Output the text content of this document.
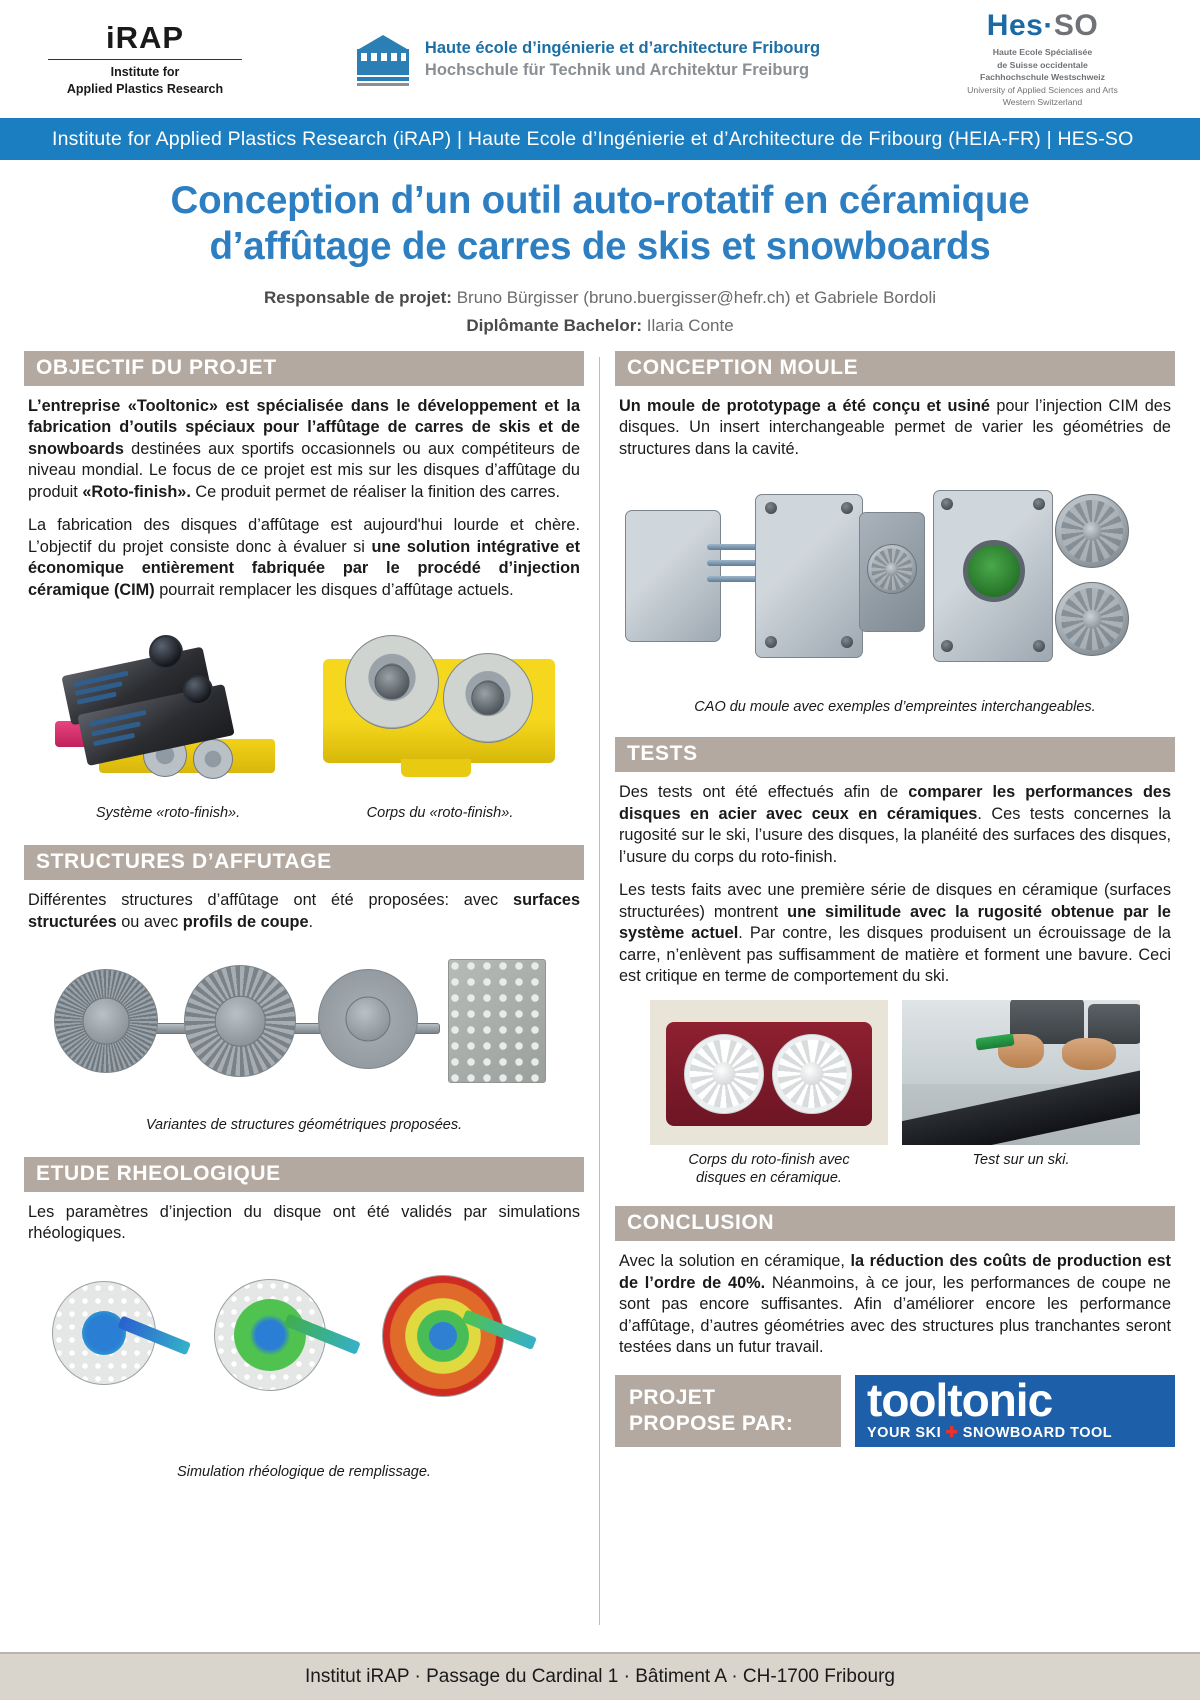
iRAP
Institute for
Applied Plastics Research
Haute école d’ingénierie et d’architecture Fribourg
Hochschule für Technik und Architektur Freiburg
Hes·SO
Haute Ecole Spécialisée
de Suisse occidentale
Fachhochschule Westschweiz
University of Applied Sciences and Arts
Western Switzerland
Institute for Applied Plastics Research (iRAP) | Haute Ecole d’Ingénierie et d’Architecture de Fribourg (HEIA-FR) | HES-SO
Conception d’un outil auto-rotatif en céramique
d’affûtage de carres de skis et snowboards
Responsable de projet: Bruno Bürgisser (bruno.buergisser@hefr.ch) et Gabriele Bordoli
Diplômante Bachelor: Ilaria Conte
OBJECTIF DU PROJET

L’entreprise «Tooltonic» est spécialisée dans le développement et la fabrication d’outils spéciaux pour l’affûtage de carres de skis et de snowboards destinées aux sportifs occasionnels ou aux compétiteurs de niveau mondial. Le focus de ce projet est mis sur les disques d’affûtage du produit «Roto-finish». Ce produit permet de réaliser la finition des carres.

La fabrication des disques d’affûtage est aujourd'hui lourde et chère. L’objectif du projet consiste donc à évaluer si une solution intégrative et économique entièrement fabriquée par le procédé d’injection céramique (CIM) pourrait remplacer les disques d’affûtage actuels.

Système «roto-finish».	Corps du «roto-finish».
STRUCTURES D’AFFUTAGE

Différentes structures d’affûtage ont été proposées: avec surfaces structurées ou avec profils de coupe.

Variantes de structures géométriques proposées.
ETUDE RHEOLOGIQUE

Les paramètres d’injection du disque ont été validés par simulations rhéologiques.

Simulation rhéologique de remplissage.
CONCEPTION MOULE

Un moule de prototypage a été conçu et usiné pour l’injection CIM des disques. Un insert interchangeable permet de varier les géométries de structures dans la cavité.

CAO du moule avec exemples d’empreintes interchangeables.
TESTS

Des tests ont été effectués afin de comparer les performances des disques en acier avec ceux en céramiques. Ces tests concernes la rugosité sur le ski, l’usure des disques, la planéité des surfaces des disques, l’usure du corps du roto-finish.

Les tests faits avec une première série de disques en céramique (surfaces structurées) montrent une similitude avec la rugosité obtenue par le système actuel. Par contre, les disques produisent un écrouissage de la carre, n’enlèvent pas suffisamment de matière et forment une bavure. Ceci est critique en terme de comportement du ski.

Corps du roto-finish avec
disques en céramique.
Test sur un ski.
CONCLUSION

Avec la solution en céramique, la réduction des coûts de production est de l’ordre de 40%. Néanmoins, à ce jour, les performances de coupe ne sont pas encore suffisantes. Afin d’améliorer encore les performance d’affûtage, d’autres géométries avec des structures plus tranchantes seront testées dans un futur travail.

PROJET
PROPOSE PAR: tooltonic
YOUR SKI ✚ SNOWBOARD TOOL
Institut iRAP · Passage du Cardinal 1 · Bâtiment A · CH-1700 Fribourg
